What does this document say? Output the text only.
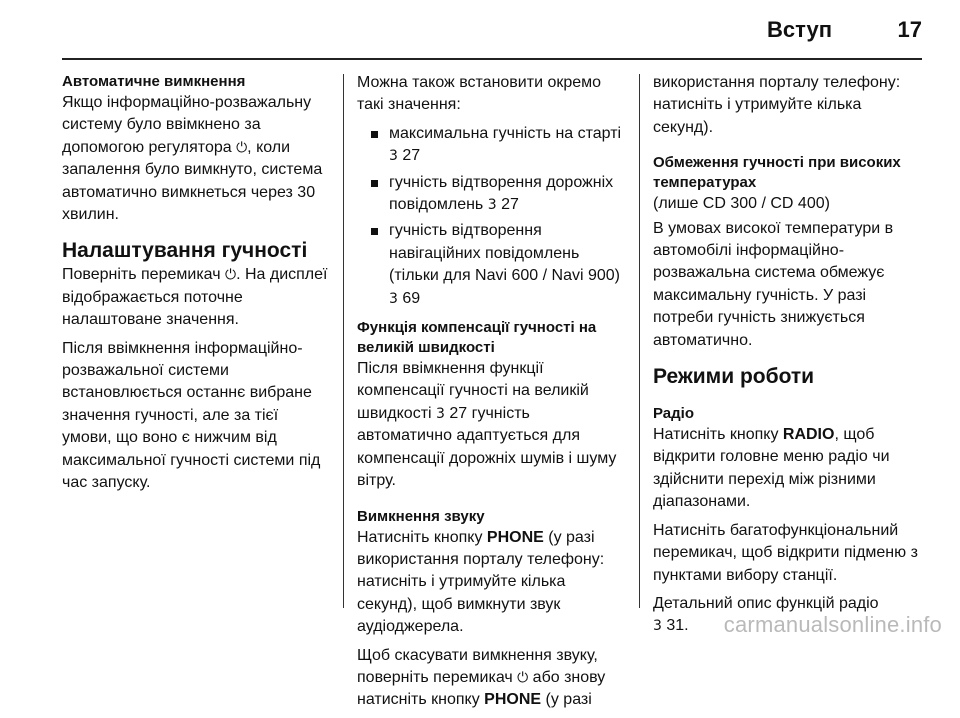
Вступ	17
Автоматичне вимкнення

Якщо інформаційно-розважальну систему було ввімкнено за допомогою регулятора ⏻, коли запалення було вимкнуто, система автоматично вимкнеться через 30 хвилин.

Налаштування гучності

Поверніть перемикач ⏻. На дисплеї відображається поточне налаштоване значення.

Після ввімкнення інформаційно-розважальної системи встановлюється останнє вибране значення гучності, але за тієї умови, що воно є нижчим від максимальної гучності системи під час запуску.

Можна також встановити окремо такі значення:

максимальна гучність на старті 3 27
гучність відтворення дорожніх повідомлень 3 27
гучність відтворення навігаційних повідомлень (тільки для Navi 600 / Navi 900) 3 69
Функція компенсації гучності на великій швидкості

Після ввімкнення функції компенсації гучності на великій швидкості 3 27 гучність автоматично адаптується для компенсації дорожніх шумів і шуму вітру.

Вимкнення звуку

Натисніть кнопку PHONE (у разі використання порталу телефону: натисніть і утримуйте кілька секунд), щоб вимкнути звук аудіоджерела.

Щоб скасувати вимкнення звуку, поверніть перемикач ⏻ або знову натисніть кнопку PHONE (у разі

використання порталу телефону: натисніть і утримуйте кілька секунд).

Обмеження гучності при високих температурах

(лише CD 300 / CD 400)

В умовах високої температури в автомобілі інформаційно-розважальна система обмежує максимальну гучність. У разі потреби гучність знижується автоматично.

Режими роботи
Радіо

Натисніть кнопку RADIO, щоб відкрити головне меню радіо чи здійснити перехід між різними діапазонами.

Натисніть багатофункціональний перемикач, щоб відкрити підменю з пунктами вибору станції.

Детальний опис функцій радіо
3 31.	carmanualsonline.info
